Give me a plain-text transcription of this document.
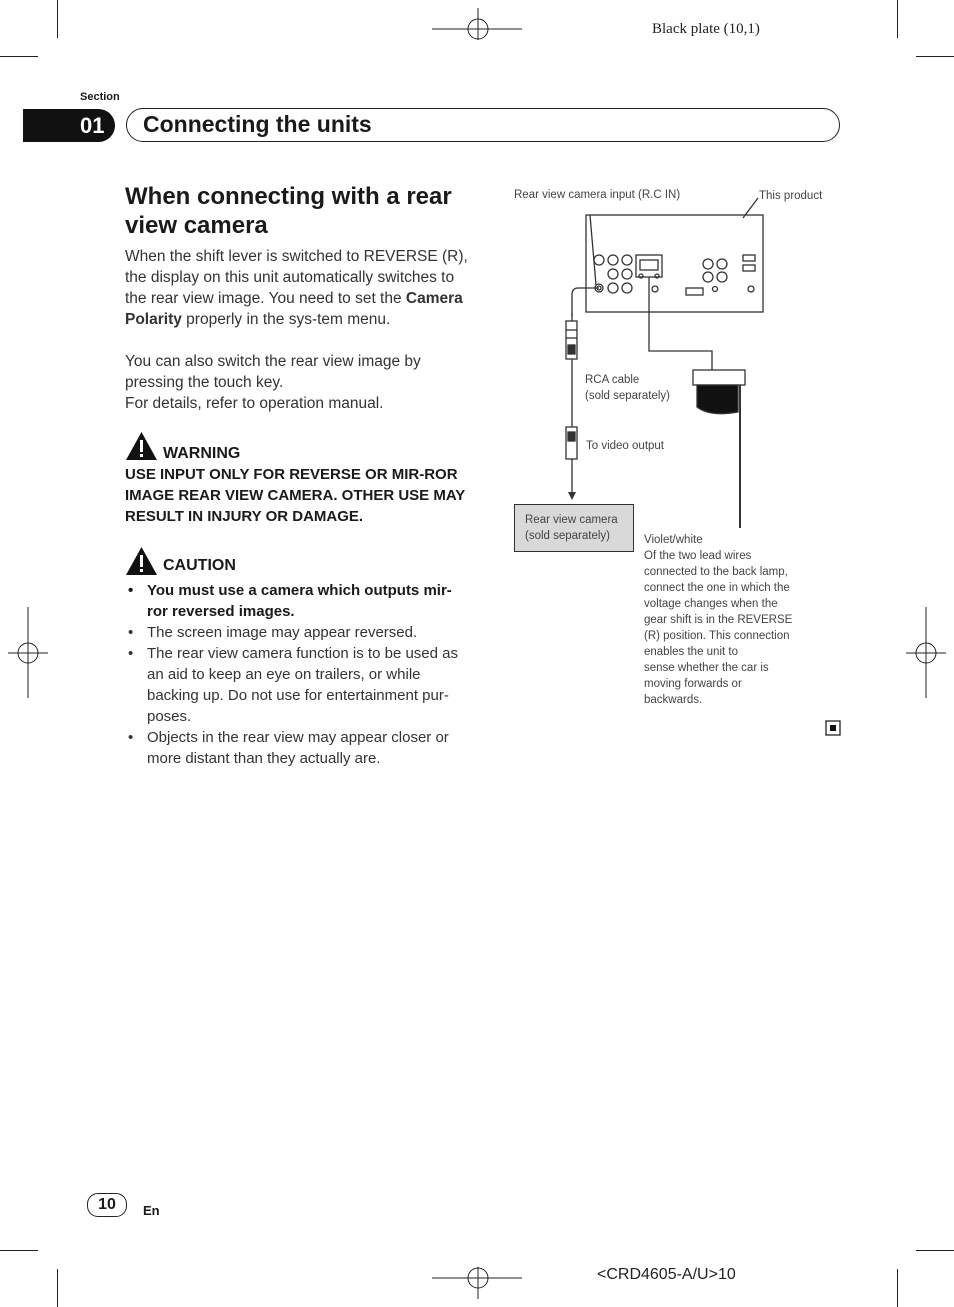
Black plate (10,1)
Section
01 Connecting the units
When connecting with a rear view camera
When the shift lever is switched to REVERSE (R), the display on this unit automatically switches to the rear view image. You need to set the Camera Polarity properly in the sys-tem menu.
You can also switch the rear view image by pressing the touch key.
For details, refer to operation manual.
WARNING
USE INPUT ONLY FOR REVERSE OR MIR-ROR IMAGE REAR VIEW CAMERA. OTHER USE MAY RESULT IN INJURY OR DAMAGE.
CAUTION
• You must use a camera which outputs mir-ror reversed images.
• The screen image may appear reversed.
• The rear view camera function is to be used as an aid to keep an eye on trailers, or while backing up. Do not use for entertainment pur-poses.
• Objects in the rear view may appear closer or more distant than they actually are.
Rear view camera input (R.C IN)	This product
RCA cable
(sold separately)
To video output
Rear view camera
(sold separately)	Violet/white
Of the two lead wires
connected to the back lamp,
connect the one in which the
voltage changes when the
gear shift is in the REVERSE
(R) position. This connection
enables the unit to
sense whether the car is
moving forwards or
backwards.
10	En
<CRD4605-A/U>10
